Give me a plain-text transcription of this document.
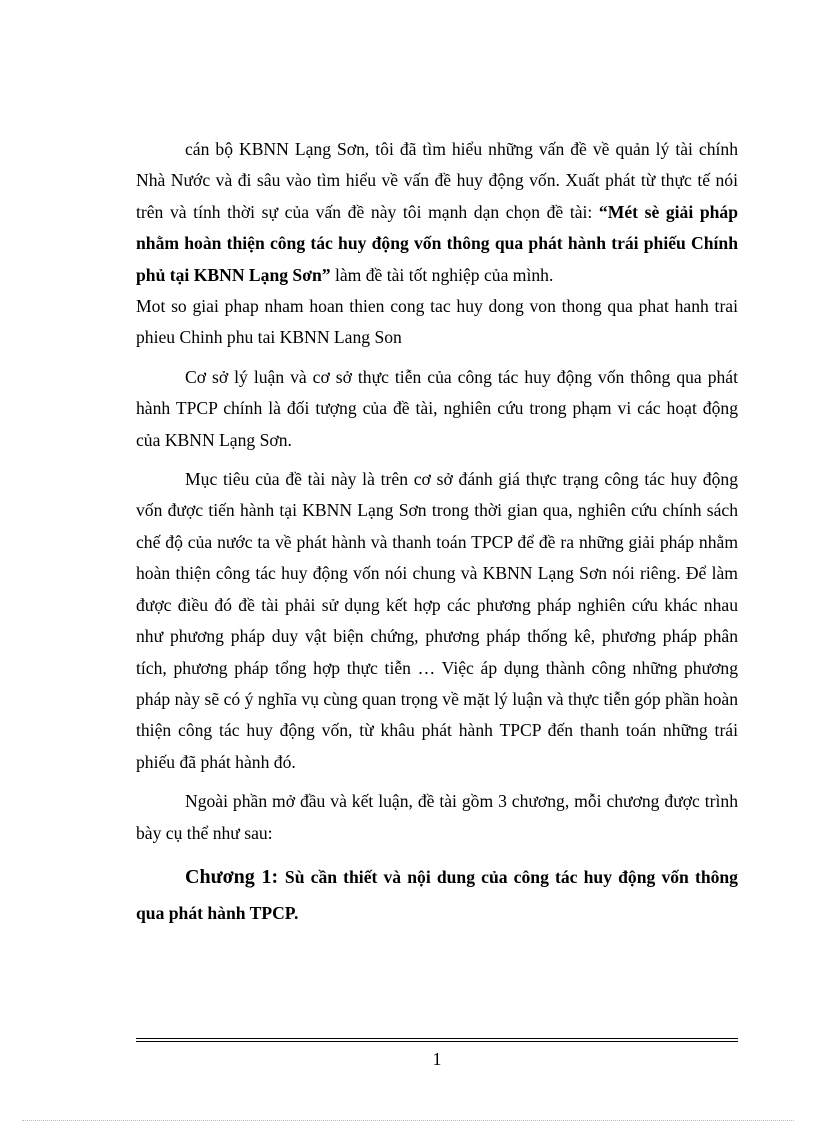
cán bộ KBNN Lạng Sơn, tôi đã tìm hiểu những vấn đề về quản lý tài chính Nhà Nước và đi sâu vào tìm hiểu về vấn đề huy động vốn. Xuất phát từ thực tế nói trên và tính thời sự của vấn đề này tôi mạnh dạn chọn đề tài: “Mét sè giải pháp nhằm hoàn thiện công tác huy động vốn thông qua phát hành trái phiếu Chính phủ tại KBNN Lạng Sơn” làm đề tài tốt nghiệp của mình.

Mot so giai phap nham hoan thien cong tac huy dong von thong qua phat hanh trai phieu Chinh phu tai KBNN Lang Son

Cơ sở lý luận và cơ sở thực tiễn của công tác huy động vốn thông qua phát hành TPCP chính là đối tượng của đề tài, nghiên cứu trong phạm vi các hoạt động của KBNN Lạng Sơn.

Mục tiêu của đề tài này là trên cơ sở đánh giá thực trạng công tác huy động vốn được tiến hành tại KBNN Lạng Sơn trong thời gian qua, nghiên cứu chính sách chế độ của nước ta về phát hành và thanh toán TPCP để đề ra những giải pháp nhằm hoàn thiện công tác huy động vốn nói chung và KBNN Lạng Sơn nói riêng. Để làm được điều đó đề tài phải sử dụng kết hợp các phương pháp nghiên cứu khác nhau như phương pháp duy vật biện chứng, phương pháp thống kê, phương pháp phân tích, phương pháp tổng hợp thực tiễn … Việc áp dụng thành công những phương pháp này sẽ có ý nghĩa vụ cùng quan trọng về mặt lý luận và thực tiễn góp phần hoàn thiện công tác huy động vốn, từ khâu phát hành TPCP đến thanh toán những trái phiếu đã phát hành đó.

Ngoài phần mở đầu và kết luận, đề tài gồm 3 chương, mỗi chương được trình bày cụ thể như sau:

Chương 1: Sù cần thiết và nội dung của công tác huy động vốn thông qua phát hành TPCP.

1
